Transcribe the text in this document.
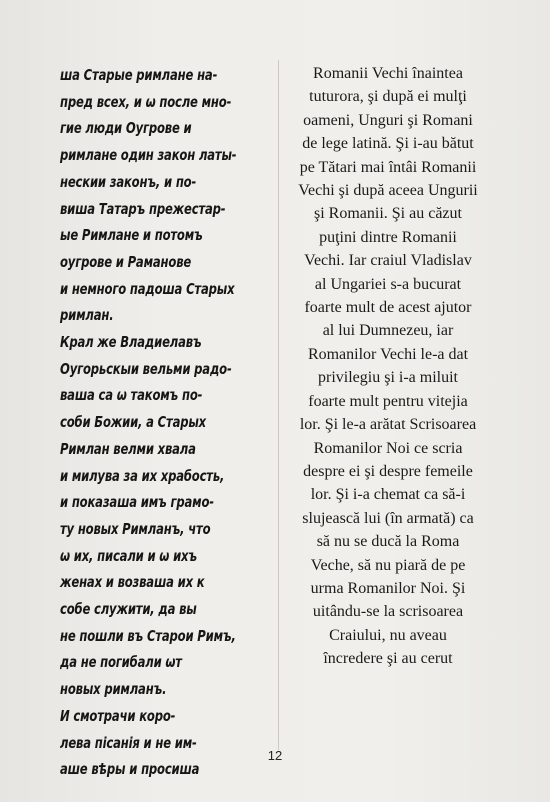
ша Старые римлане на-
пред всех, и ѡ после мно-
гие люди Оугрове и
римлане один закон латы-
нескии законъ, и по-
виша Татаръ прежестар-
ые Римлане и потомъ
оугрове и Раманове
и немного падоша Старых
римлан.
Крал же Владиелавъ
Оугорьскыи вельми радо-
ваша са ѡ такомъ по-
соби Божии, а Старых
Римлан велми хвала
и милува за их храбость,
и показаша имъ грамо-
ту новых Римланъ, что
ѡ их, писали и ѡ ихъ
женах и возваша их к
собе служити, да вы
не пошли въ Старои Римъ,
да не погибали ѡт
новых римланъ.
И смотрачи коро-
лева пісанія и не им-
аше вѣры и просиша
Romanii Vechi înaintea
tuturora, şi după ei mulţi
oameni, Unguri şi Romani
de lege latină. Şi i-au bătut
pe Tătari mai întâi Romanii
Vechi şi după aceea Ungurii
şi Romanii. Şi au căzut
puţini dintre Romanii
Vechi. Iar craiul Vladislav
al Ungariei s-a bucurat
foarte mult de acest ajutor
al lui Dumnezeu, iar
Romanilor Vechi le-a dat
privilegiu şi i-a miluit
foarte mult pentru vitejia
lor. Şi le-a arătat Scrisoarea
Romanilor Noi ce scria
despre ei şi despre femeile
lor. Şi i-a chemat ca să-i
slujească lui (în armată) ca
să nu se ducă la Roma
Veche, să nu piară de pe
urma Romanilor Noi. Şi
uitându-se la scrisoarea
Craiului, nu aveau
încredere şi au cerut
12
